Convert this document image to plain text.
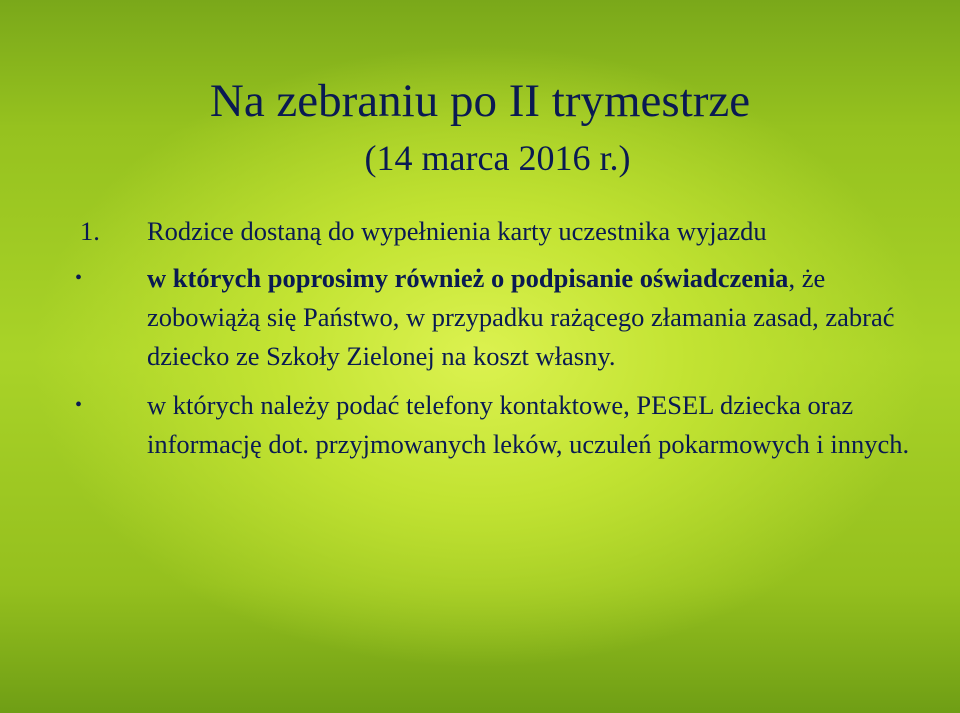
Na zebraniu po II trymestrze
(14 marca 2016 r.)
1. Rodzice dostaną do wypełnienia karty uczestnika wyjazdu
• w których poprosimy również o podpisanie oświadczenia, że zobowiążą się Państwo, w przypadku rażącego złamania zasad, zabrać dziecko ze Szkoły Zielonej na koszt własny.
• w których należy podać telefony kontaktowe, PESEL dziecka oraz informację dot. przyjmowanych leków, uczuleń pokarmowych i innych.
